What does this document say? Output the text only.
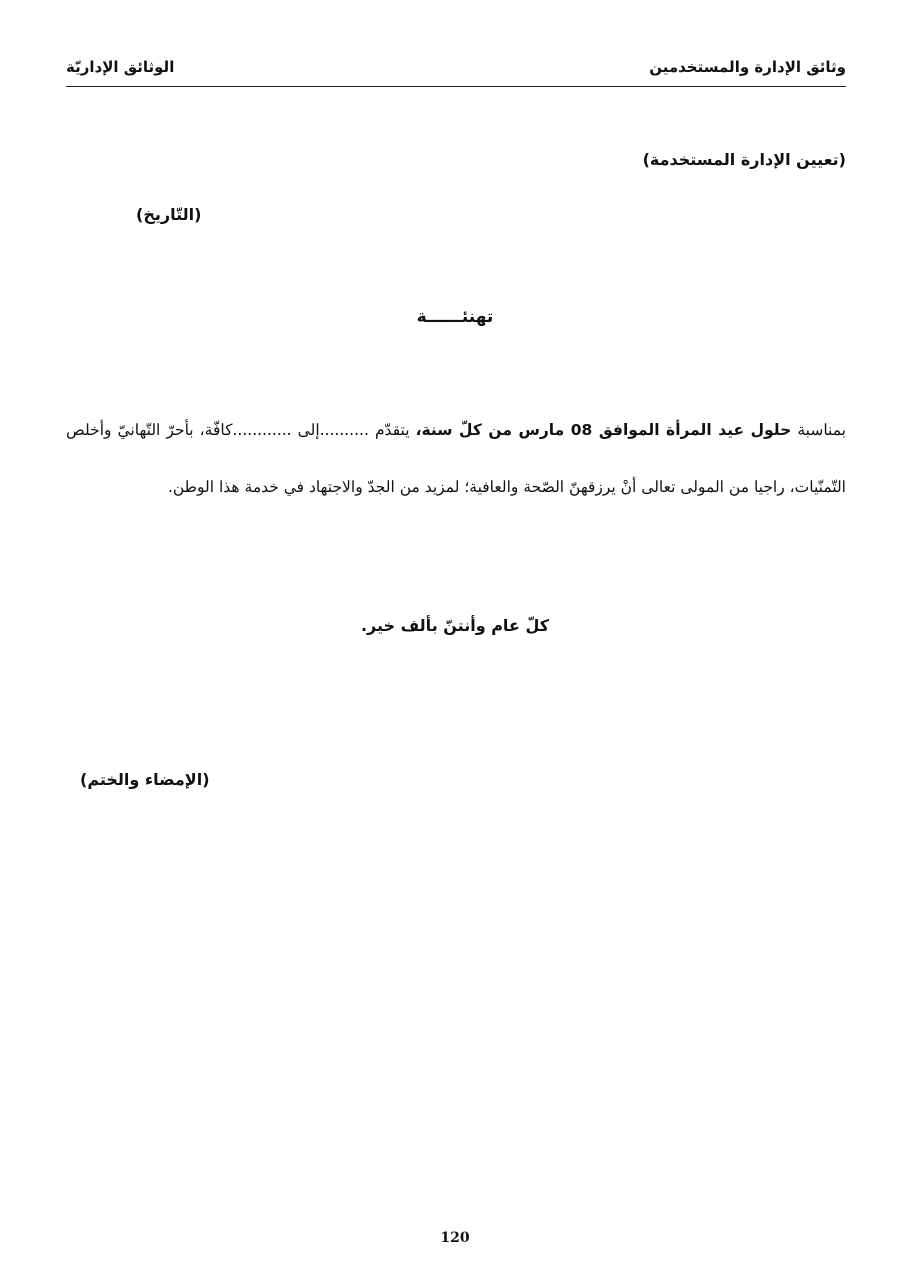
وثائق الإدارة والمستخدمين
الوثائق الإداريّة
(تعيين الإدارة المستخدمة)
(التّاريخ)
تهنئــــــة
بمناسبة حلول عيد المرأة الموافق 08 مارس من كلّ سنة، يتقدّم ..........إلى ............كافّة، بأحرّ التّهانيّ وأخلص التّمنّيات، راجيا من المولى تعالى أنْ يرزقهنّ الصّحة والعافية؛ لمزيد من الجدّ والاجتهاد في خدمة هذا الوطن.
كلّ عام وأنتنّ بألف خير.
(الإمضاء والختم)
120
